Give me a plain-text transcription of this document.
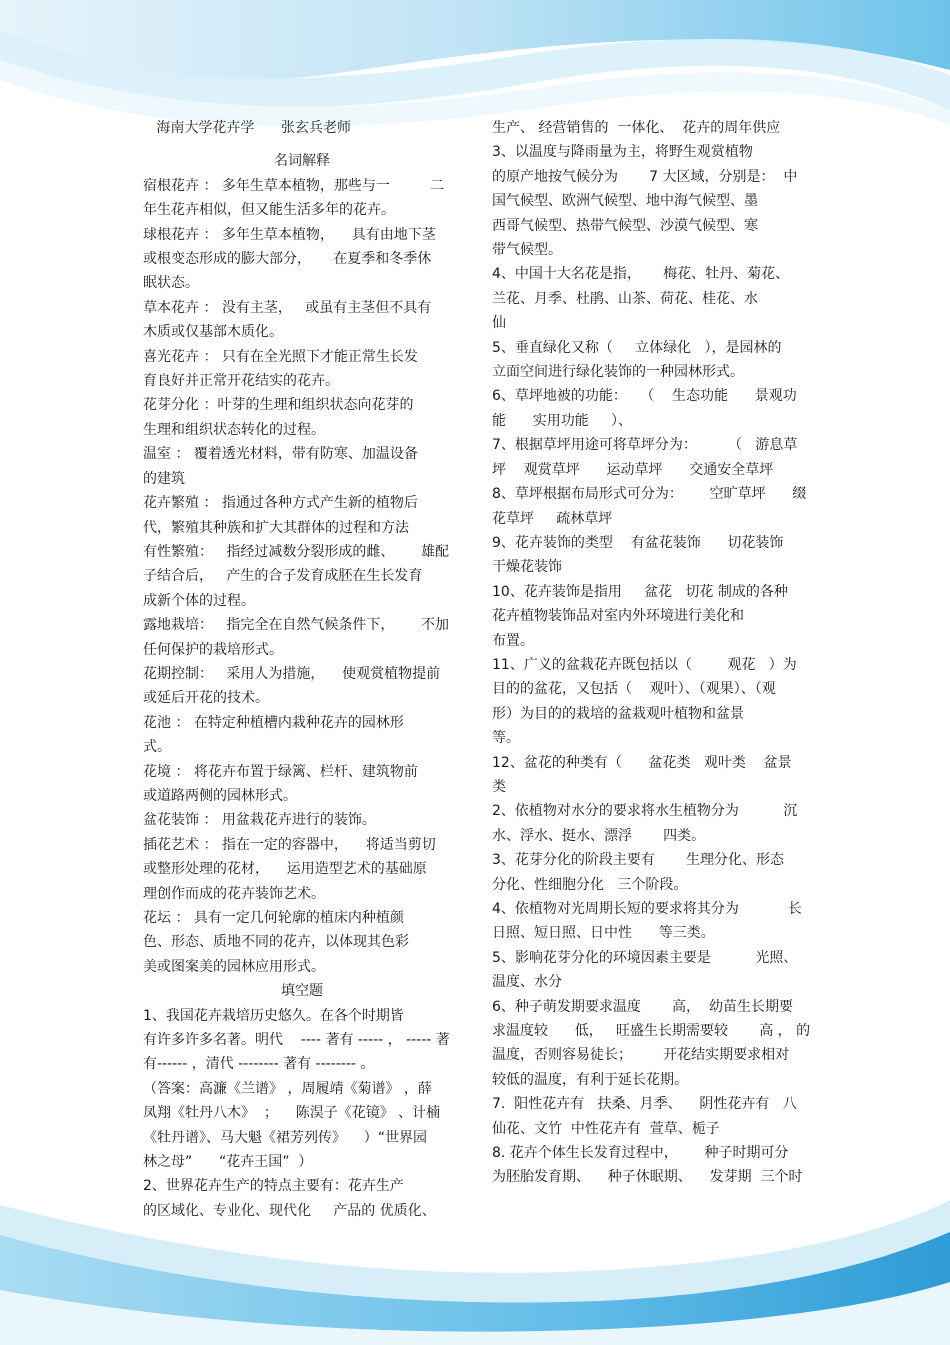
海南大学花卉学      张玄兵老师

名词解释

宿根花卉 ： 多年生草本植物，那些与一         二

年生花卉相似，但又能生活多年的花卉。

球根花卉 ： 多年生草本植物，    具有由地下茎

或根变态形成的膨大部分，     在夏季和冬季休

眠状态。

草本花卉 ： 没有主茎，   或虽有主茎但不具有

木质或仅基部木质化。

喜光花卉 ： 只有在全光照下才能正常生长发

育良好并正常开花结实的花卉。

花芽分化 ：叶芽的生理和组织状态向花芽的

生理和组织状态转化的过程。

温室 ： 覆着透光材料，带有防寒、加温设备

的建筑

花卉繁殖 ： 指通过各种方式产生新的植物后

代，繁殖其种族和扩大其群体的过程和方法

有性繁殖：   指经过减数分裂形成的雌、      雄配

子结合后，   产生的合子发育成胚在生长发育

成新个体的过程。

露地栽培：   指完全在自然气候条件下，      不加

任何保护的栽培形式。

花期控制：   采用人为措施，    使观赏植物提前

或延后开花的技术。

花池 ： 在特定种植槽内栽种花卉的园林形

式。

花境 ： 将花卉布置于绿篱、栏杆、建筑物前

或道路两侧的园林形式。

盆花装饰 ： 用盆栽花卉进行的装饰。

插花艺术 ： 指在一定的容器中，    将适当剪切

或整形处理的花材，    运用造型艺术的基础原

理创作而成的花卉装饰艺术。

花坛 ： 具有一定几何轮廓的植床内种植颜

色、形态、质地不同的花卉，以体现其色彩

美或图案美的园林应用形式。

填空题

1、我国花卉栽培历史悠久。在各个时期皆

有许多许多名著。明代    ---- 著有 ----- ， ----- 著

有------ ，清代 -------- 著有 -------- 。

（答案：高濂《兰谱》 ，周履靖《菊谱》 ，薛

凤翔《牡丹八木》  ；    陈淏子《花镜》 、计楠

《牡丹谱》、马大魁《裙芳列传》    ）“世界园

林之母”      “花卉王国”  ）

2、世界花卉生产的特点主要有：花卉生产

的区域化、专业化、现代化     产品的 优质化、

生产、 经营销售的  一体化、  花卉的周年供应

3、以温度与降雨量为主，将野生观赏植物

的原产地按气候分为       7 大区域，分别是：  中

国气候型、欧洲气候型、地中海气候型、墨

西哥气候型、热带气候型、沙漠气候型、寒

带气候型。

4、中国十大名花是指，     梅花、牡丹、菊花、

兰花、月季、杜鹃、山茶、荷花、桂花、水

仙

5、垂直绿化又称（     立体绿化   ），是园林的

立面空间进行绿化装饰的一种园林形式。

6、草坪地被的功能：   （    生态功能      景观功

能      实用功能     ）、

7、根据草坪用途可将草坪分为：       （   游息草

坪    观赏草坪      运动草坪      交通安全草坪

8、草坪根据布局形式可分为：      空旷草坪      缀

花草坪     疏林草坪

9、花卉装饰的类型    有盆花装饰      切花装饰

干燥花装饰

10、花卉装饰是指用     盆花   切花 制成的各种

花卉植物装饰品对室内外环境进行美化和

布置。

11、广义的盆栽花卉既包括以（        观花   ）为

目的的盆花，又包括（    观叶）、（观果）、（观

形）为目的的栽培的盆栽观叶植物和盆景

等。

12、盆花的种类有（      盆花类   观叶类    盆景

类

2、依植物对水分的要求将水生植物分为          沉

水、浮水、挺水、漂浮       四类。

3、花芽分化的阶段主要有       生理分化、形态

分化、性细胞分化   三个阶段。

4、依植物对光周期长短的要求将其分为           长

日照、短日照、日中性      等三类。

5、影响花芽分化的环境因素主要是          光照、

温度、水分

6、种子萌发期要求温度       高，  幼苗生长期要

求温度较      低，   旺盛生长期需要较       高 ， 的

温度，否则容易徒长；       开花结实期要求相对

较低的温度，有利于延长花期。

7.  阳性花卉有   扶桑、月季、    阴性花卉有   八

仙花、文竹  中性花卉有  萱草、栀子

8. 花卉个体生长发育过程中，      种子时期可分

为胚胎发育期、    种子休眠期、    发芽期  三个时
